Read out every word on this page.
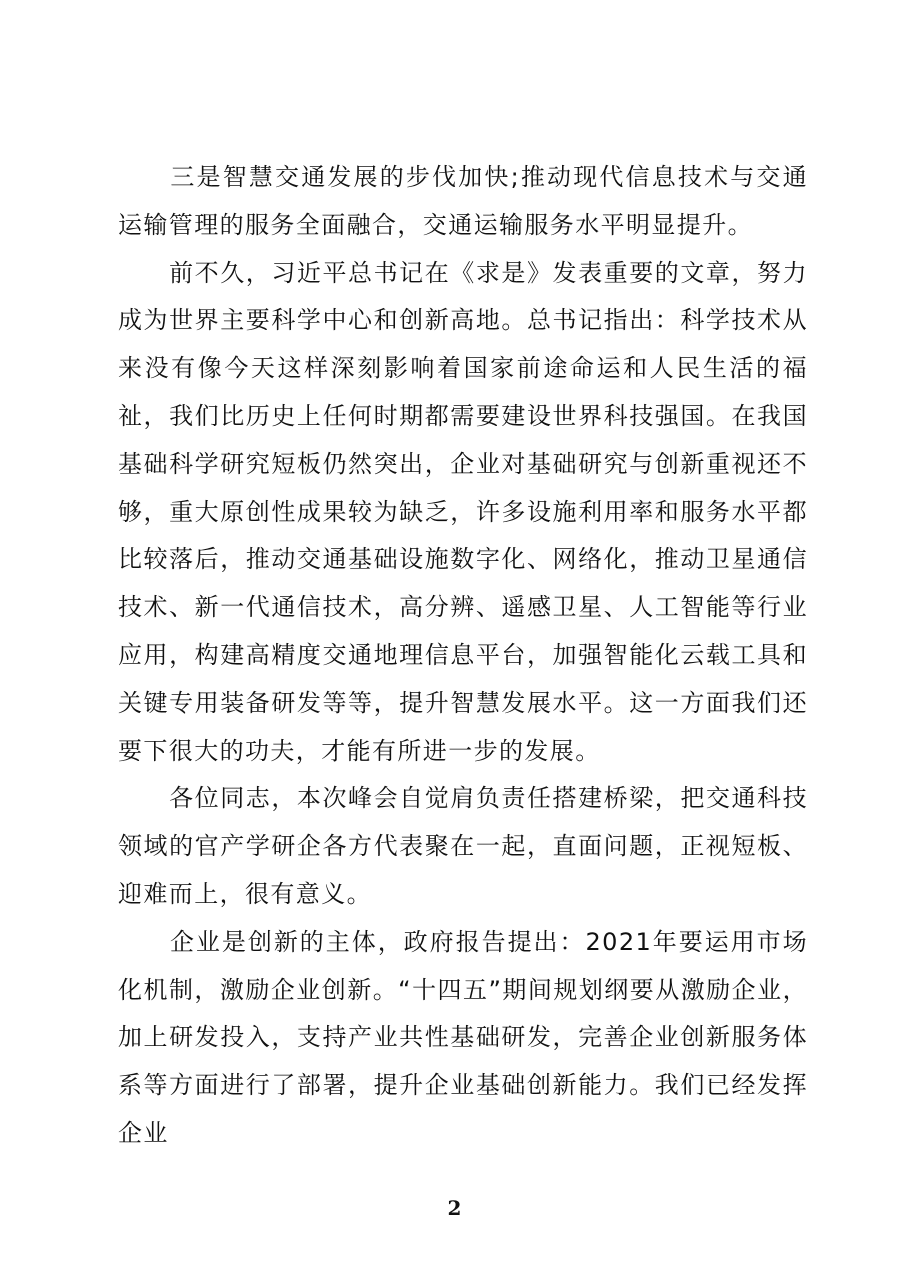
　　三是智慧交通发展的步伐加快;推动现代信息技术与交通运输管理的服务全面融合，交通运输服务水平明显提升。

　　前不久，习近平总书记在《求是》发表重要的文章，努力成为世界主要科学中心和创新高地。总书记指出：科学技术从来没有像今天这样深刻影响着国家前途命运和人民生活的福祉，我们比历史上任何时期都需要建设世界科技强国。在我国基础科学研究短板仍然突出，企业对基础研究与创新重视还不够，重大原创性成果较为缺乏，许多设施利用率和服务水平都比较落后，推动交通基础设施数字化、网络化，推动卫星通信技术、新一代通信技术，高分辨、遥感卫星、人工智能等行业应用，构建高精度交通地理信息平台，加强智能化云载工具和关键专用装备研发等等，提升智慧发展水平。这一方面我们还要下很大的功夫，才能有所进一步的发展。

　　各位同志，本次峰会自觉肩负责任搭建桥梁，把交通科技领域的官产学研企各方代表聚在一起，直面问题，正视短板、迎难而上，很有意义。

　　企业是创新的主体，政府报告提出：2021年要运用市场化机制，激励企业创新。“十四五”期间规划纲要从激励企业，加上研发投入，支持产业共性基础研发，完善企业创新服务体系等方面进行了部署，提升企业基础创新能力。我们已经发挥企业

2
